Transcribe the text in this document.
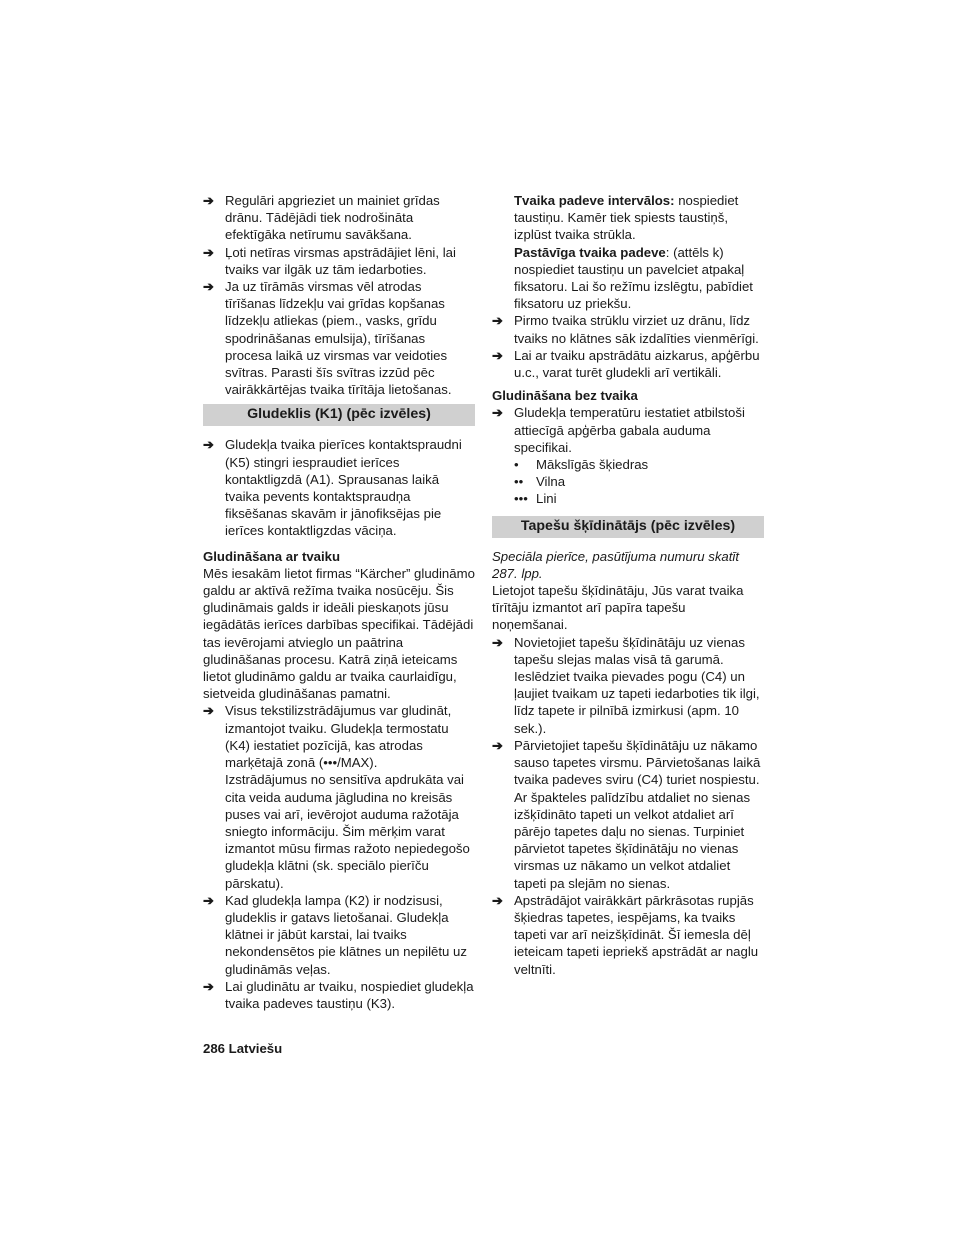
➔ Regulāri apgrieziet un mainiet grīdas drānu. Tādējādi tiek nodrošināta efektīgāka netīrumu savākšana.

➔ Ļoti netīras virsmas apstrādājiet lēni, lai tvaiks var ilgāk uz tām iedarboties.

➔ Ja uz tīrāmās virsmas vēl atrodas tīrīšanas līdzekļu vai grīdas kopšanas līdzekļu atliekas (piem., vasks, grīdu spodrināšanas emulsija), tīrīšanas procesa laikā uz virsmas var veidoties svītras. Parasti šīs svītras izzūd pēc vairākkārtējas tvaika tīrītāja lietošanas.

Gludeklis (K1) (pēc izvēles)

➔ Gludekļa tvaika pierīces kontaktspraudni (K5) stingri iespraudiet ierīces kontaktligzdā (A1). Sprausanas laikā tvaika pevents kontaktspraudņa fiksēšanas skavām ir jānofiksējas pie ierīces kontaktligzdas vāciņa.

Gludināšana ar tvaiku

Mēs iesakām lietot firmas “Kärcher” gludināmo galdu ar aktīvā režīma tvaika nosūcēju. Šis gludināmais galds ir ideāli pieskaņots jūsu iegādātās ierīces darbības specifikai. Tādējādi tas ievērojami atvieglo un paātrina gludināšanas procesu. Katrā ziņā ieteicams lietot gludināmo galdu ar tvaika caurlaidīgu, sietveida gludināšanas pamatni.

➔ Visus tekstilizstrādājumus var gludināt, izmantojot tvaiku. Gludekļa termostatu (K4) iestatiet pozīcijā, kas atrodas marķētajā zonā (•••/MAX).

Izstrādājumus no sensitīva apdrukāta vai cita veida auduma jāgludina no kreisās puses vai arī, ievērojot auduma ražotāja sniegto informāciju. Šim mērķim varat izmantot mūsu firmas ražoto nepiedegošo gludekļa klātni (sk. speciālo pierīču pārskatu).

➔ Kad gludekļa lampa (K2) ir nodzisusi, gludeklis ir gatavs lietošanai. Gludekļa klātnei ir jābūt karstai, lai tvaiks nekondensētos pie klātnes un nepilētu uz gludināmās veļas.

➔ Lai gludinātu ar tvaiku, nospiediet gludekļa tvaika padeves taustiņu (K3).

Tvaika padeve intervālos: nospiediet taustiņu. Kamēr tiek spiests taustiņš, izplūst tvaika strūkla.

Pastāvīga tvaika padeve: (attēls k) nospiediet taustiņu un pavelciet atpakaļ fiksatoru. Lai šo režīmu izslēgtu, pabīdiet fiksatoru uz priekšu.

➔ Pirmo tvaika strūklu virziet uz drānu, līdz tvaiks no klātnes sāk izdalīties vienmērīgi.

➔ Lai ar tvaiku apstrādātu aizkarus, apģērbu u.c., varat turēt gludekli arī vertikāli.

Gludināšana bez tvaika

➔ Gludekļa temperatūru iestatiet atbilstoši attiecīgā apģērba gabala auduma specifikai.

• Mākslīgās šķiedras

•• Vilna

••• Lini

Tapešu šķīdinātājs (pēc izvēles)

Speciāla pierīce, pasūtījuma numuru skatīt 287. lpp.

Lietojot tapešu šķīdinātāju, Jūs varat tvaika tīrītāju izmantot arī papīra tapešu noņemšanai.

➔ Novietojiet tapešu šķīdinātāju uz vienas tapešu slejas malas visā tā garumā. Ieslēdziet tvaika pievades pogu (C4) un ļaujiet tvaikam uz tapeti iedarboties tik ilgi, līdz tapete ir pilnībā izmirkusi (apm. 10 sek.).

➔ Pārvietojiet tapešu šķīdinātāju uz nākamo sauso tapetes virsmu. Pārvietošanas laikā tvaika padeves sviru (C4) turiet nospiestu. Ar špakteles palīdzību atdaliet no sienas izšķīdināto tapeti un velkot atdaliet arī pārējo tapetes daļu no sienas. Turpiniet pārvietot tapetes šķīdinātāju no vienas virsmas uz nākamo un velkot atdaliet tapeti pa slejām no sienas.

➔ Apstrādājot vairākkārt pārkrāsotas rupjās šķiedras tapetes, iespējams, ka tvaiks tapeti var arī neizšķīdināt. Šī iemesla dēļ ieteicam tapeti iepriekš apstrādāt ar naglu veltnīti.

286 Latviešu
